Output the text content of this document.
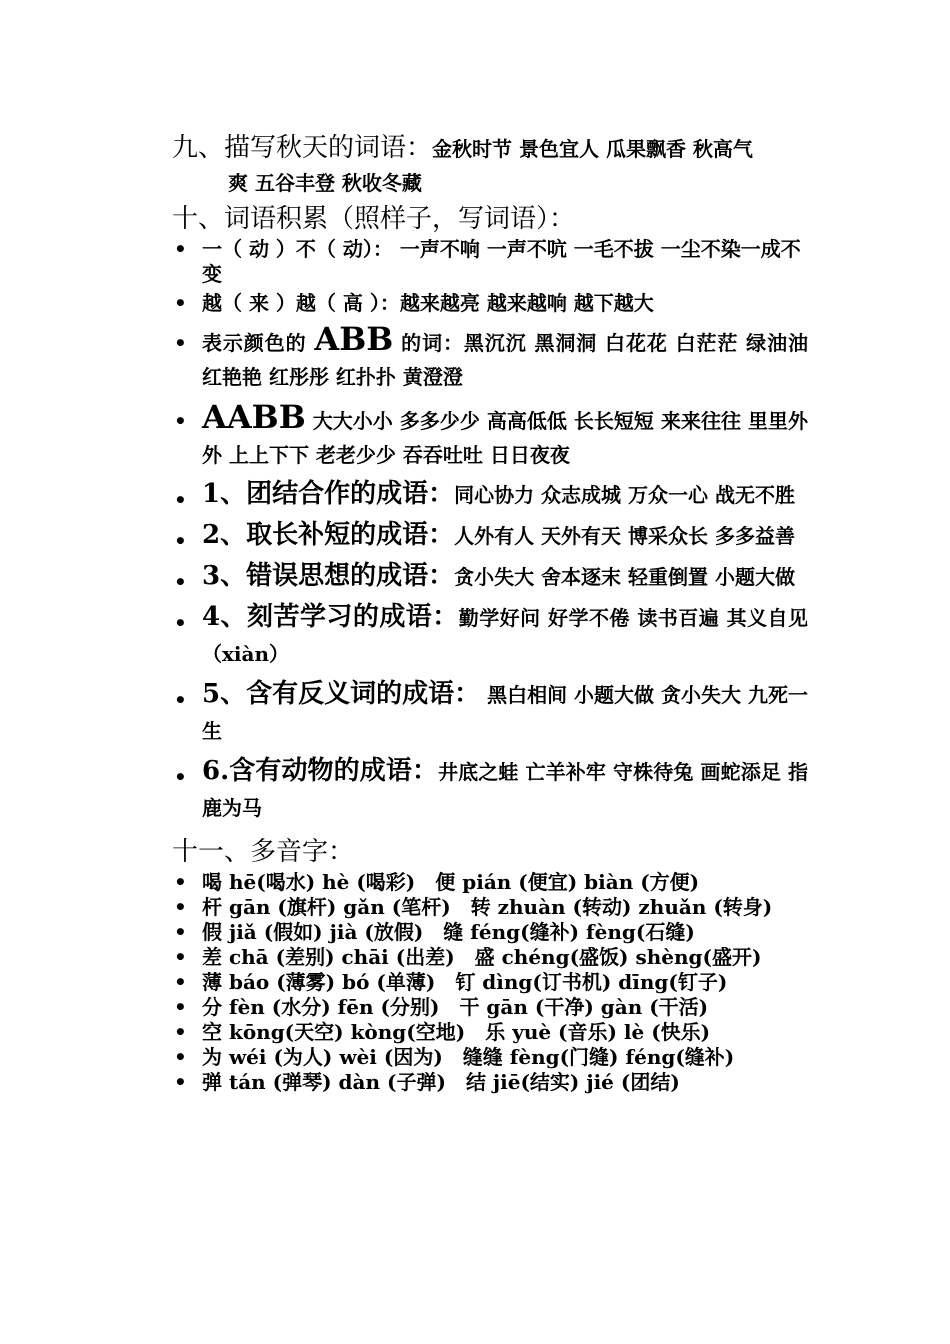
九、描写秋天的词语：金秋时节 景色宜人 瓜果飘香 秋高气
爽 五谷丰登 秋收冬藏
十、词语积累（照样子，写词语）：
• 一（ 动 ）不（ 动）： 一声不响 一声不吭 一毛不拔 一尘不染一成不变
• 越（ 来 ）越（ 高 ）：越来越亮 越来越响 越下越大
• 表示颜色的 ABB 的词：黑沉沉 黑洞洞 白花花 白茫茫 绿油油 红艳艳 红彤彤 红扑扑 黄澄澄
• AABB 大大小小 多多少少 高高低低 长长短短 来来往往 里里外外 上上下下 老老少少 吞吞吐吐 日日夜夜
• 1、团结合作的成语：同心协力 众志成城 万众一心 战无不胜
• 2、取长补短的成语：人外有人 天外有天 博采众长 多多益善
• 3、错误思想的成语：贪小失大 舍本逐末 轻重倒置 小题大做
• 4、刻苦学习的成语：勤学好问 好学不倦 读书百遍 其义自见（xiàn）
• 5、含有反义词的成语： 黑白相间 小题大做 贪小失大 九死一生
• 6.含有动物的成语：井底之蛙 亡羊补牢 守株待兔 画蛇添足 指鹿为马
十一、多音字：
• 喝 hē(喝水) hè (喝彩) 便 pián (便宜) biàn (方便)
• 杆 gān (旗杆) gǎn (笔杆) 转 zhuàn (转动) zhuǎn (转身)
• 假 jiǎ (假如) jià (放假) 缝 féng(缝补) fèng(石缝)
• 差 chā (差别) chāi (出差) 盛 chéng(盛饭) shèng(盛开)
• 薄 báo (薄雾) bó (单薄) 钉 dìng(订书机) dīng(钉子)
• 分 fèn (水分) fēn (分别) 干 gān (干净) gàn (干活)
• 空 kōng(天空) kòng(空地) 乐 yuè (音乐) lè (快乐)
• 为 wéi (为人) wèi (因为) 缝缝 fèng(门缝) féng(缝补)
• 弹 tán (弹琴) dàn (子弹) 结 jiē(结实) jié (团结)
